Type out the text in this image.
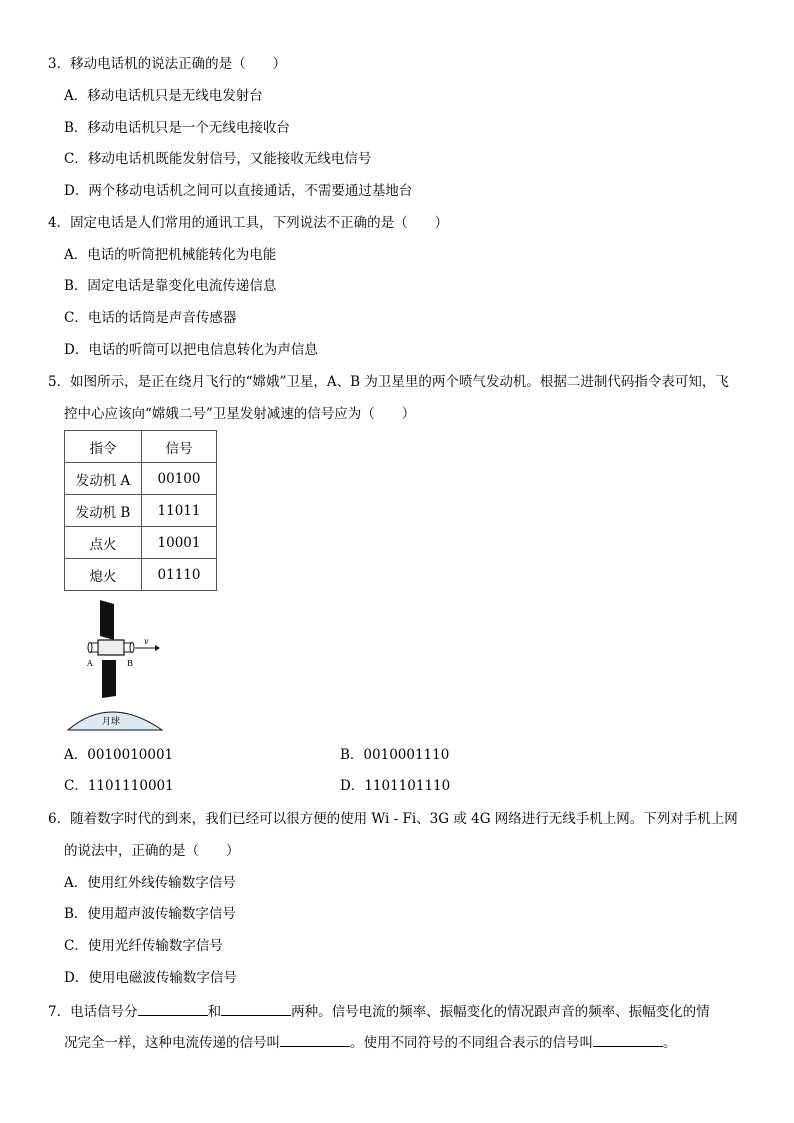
3．移动电话机的说法正确的是（　　）
A．移动电话机只是无线电发射台
B．移动电话机只是一个无线电接收台
C．移动电话机既能发射信号，又能接收无线电信号
D．两个移动电话机之间可以直接通话，不需要通过基地台
4．固定电话是人们常用的通讯工具，下列说法不正确的是（　　）
A．电话的听筒把机械能转化为电能
B．固定电话是靠变化电流传递信息
C．电话的话筒是声音传感器
D．电话的听筒可以把电信息转化为声信息
5．如图所示，是正在绕月飞行的“嫦娥”卫星，A、B 为卫星里的两个喷气发动机。根据二进制代码指令表可知，飞
控中心应该向“嫦娥二号”卫星发射减速的信号应为（　　）
指令	信号
发动机 A	00100
发动机 B	11011
点火	10001
熄火	01110
v
A	B
月球
A．0010010001	B．0010001110
C．1101110001	D．1101101110
6．随着数字时代的到来，我们已经可以很方便的使用 Wi - Fi、3G 或 4G 网络进行无线手机上网。下列对手机上网
的说法中，正确的是（　　）
A．使用红外线传输数字信号
B．使用超声波传输数字信号
C．使用光纤传输数字信号
D．使用电磁波传输数字信号
7．电话信号分	和	两种。信号电流的频率、振幅变化的情况跟声音的频率、振幅变化的情
况完全一样，这种电流传递的信号叫	。使用不同符号的不同组合表示的信号叫	。
